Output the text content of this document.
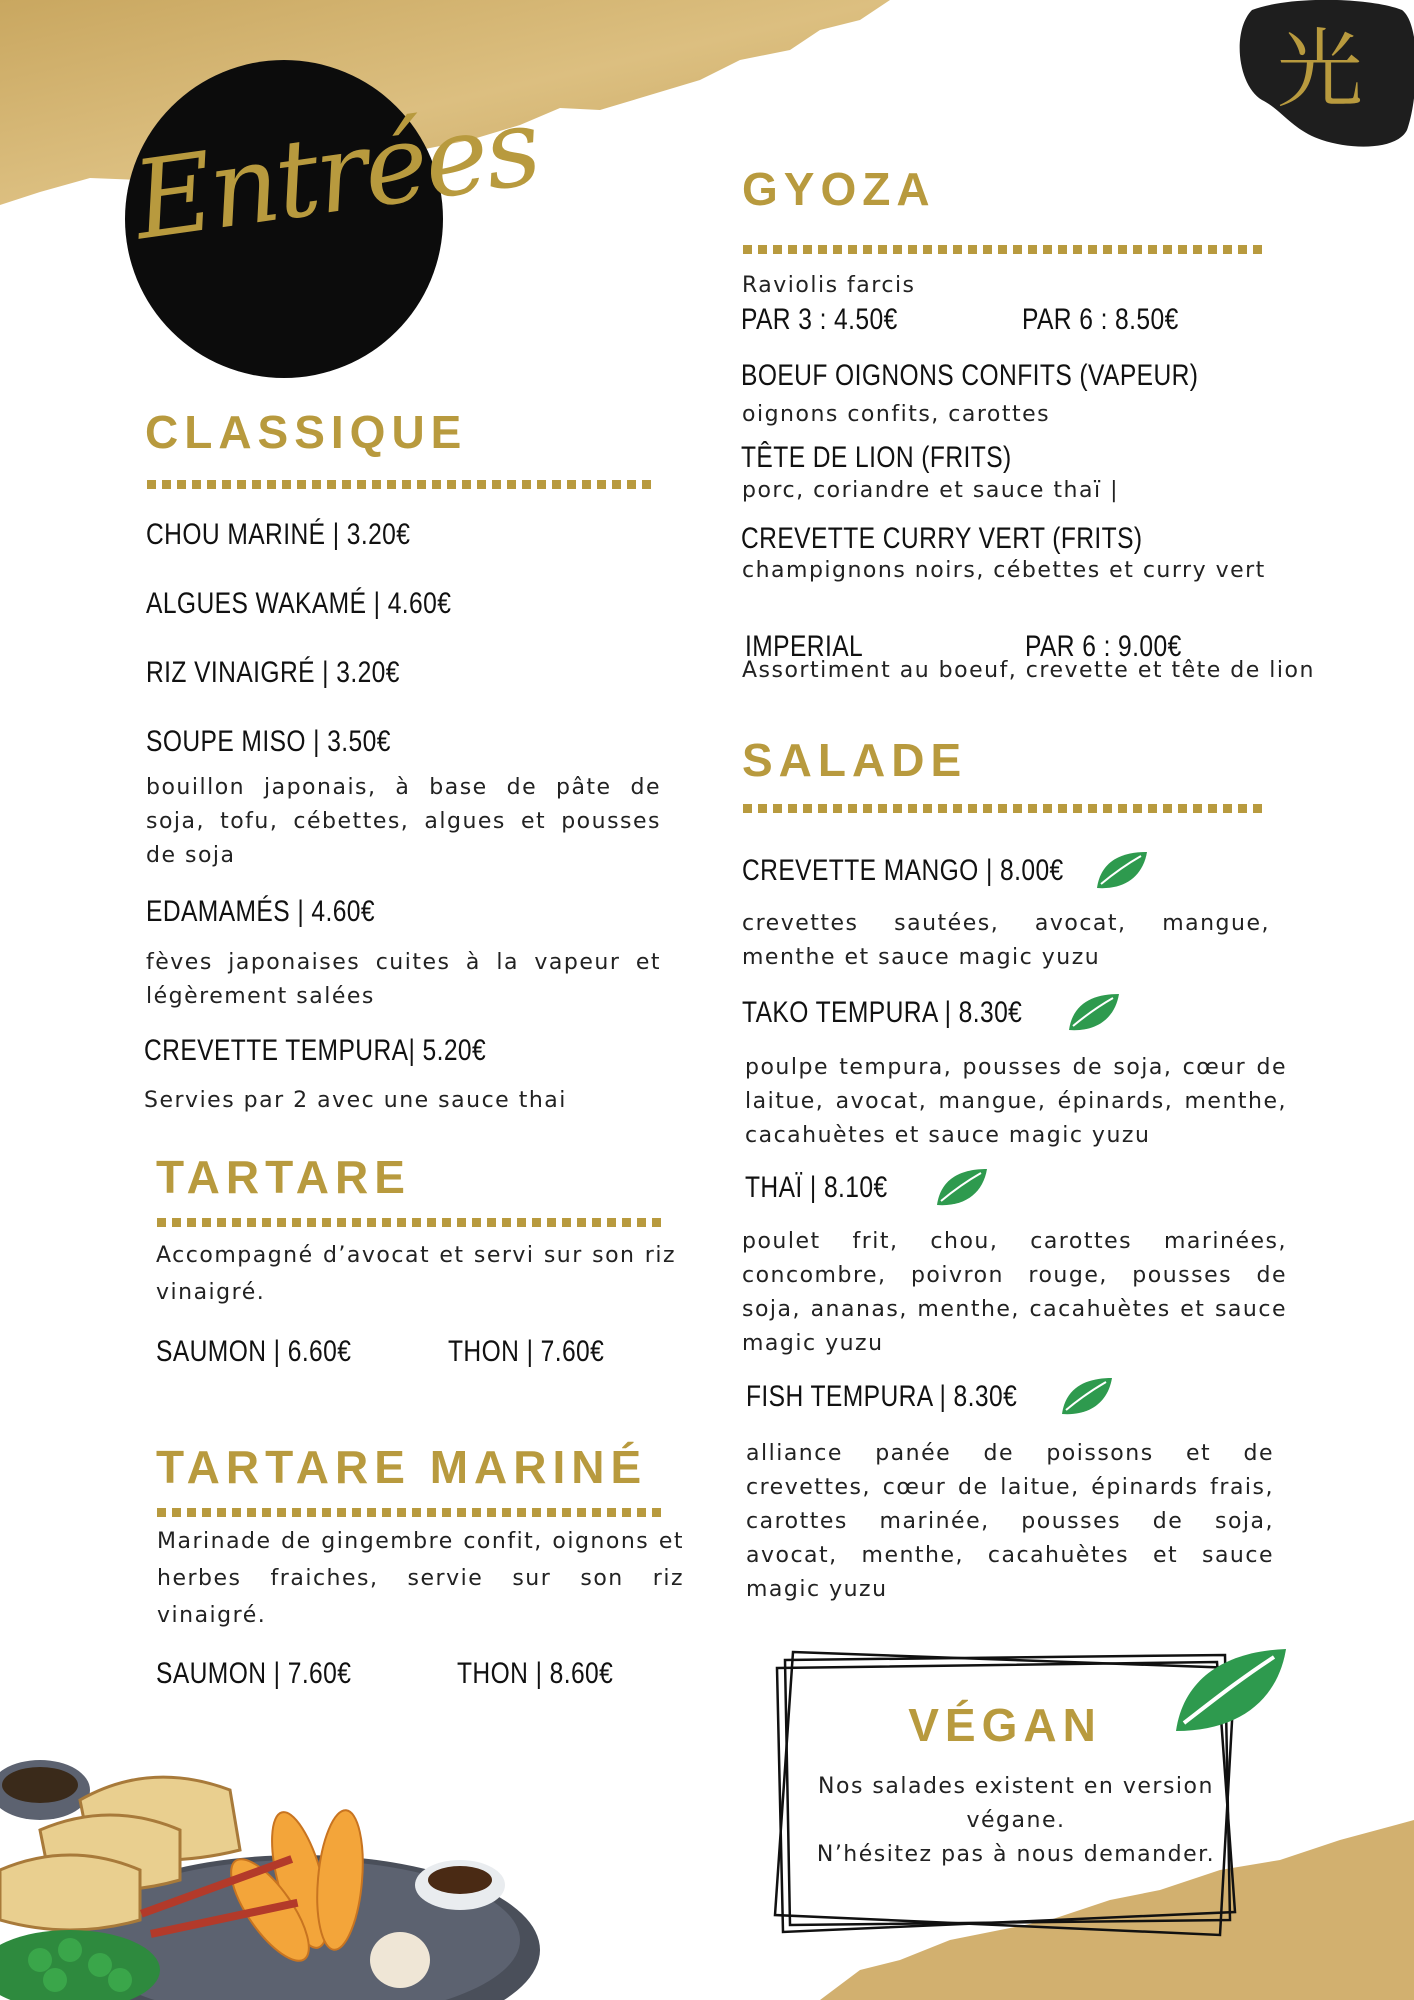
光
Entrées
CLASSIQUE
CHOU MARINÉ | 3.20€
ALGUES WAKAMÉ | 4.60€
RIZ VINAIGRÉ | 3.20€
SOUPE MISO | 3.50€
bouillon japonais, à base de pâte de soja, tofu, cébettes, algues et pousses de soja
EDAMAMÉS | 4.60€
fèves japonaises cuites à la vapeur et légèrement salées
CREVETTE TEMPURA| 5.20€
Servies par 2 avec une sauce thai
TARTARE
Accompagné d’avocat et servi sur son riz vinaigré.
SAUMON | 6.60€	THON | 7.60€
TARTARE MARINÉ
Marinade de gingembre confit, oignons et herbes fraiches, servie sur son riz vinaigré.
SAUMON | 7.60€	THON | 8.60€
GYOZA
Raviolis farcis
PAR 3 : 4.50€	PAR 6 : 8.50€
BOEUF OIGNONS CONFITS (VAPEUR)
oignons confits, carottes
TÊTE DE LION (FRITS)
porc, coriandre et sauce thaï |
CREVETTE CURRY VERT (FRITS)
champignons noirs, cébettes et curry vert
IMPERIAL	PAR 6 : 9.00€
Assortiment au boeuf, crevette et tête de lion
SALADE
CREVETTE MANGO | 8.00€
crevettes sautées, avocat, mangue, menthe et sauce magic yuzu
TAKO TEMPURA | 8.30€
poulpe tempura, pousses de soja, cœur de laitue, avocat, mangue, épinards, menthe, cacahuètes et sauce magic yuzu
THAÏ | 8.10€
poulet frit, chou, carottes marinées, concombre, poivron rouge, pousses de soja, ananas, menthe, cacahuètes et sauce magic yuzu
FISH TEMPURA | 8.30€
alliance panée de poissons et de crevettes, cœur de laitue, épinards frais, carottes marinée, pousses de soja, avocat, menthe, cacahuètes et sauce magic yuzu
VÉGAN
Nos salades existent en version végane.
N’hésitez pas à nous demander.
